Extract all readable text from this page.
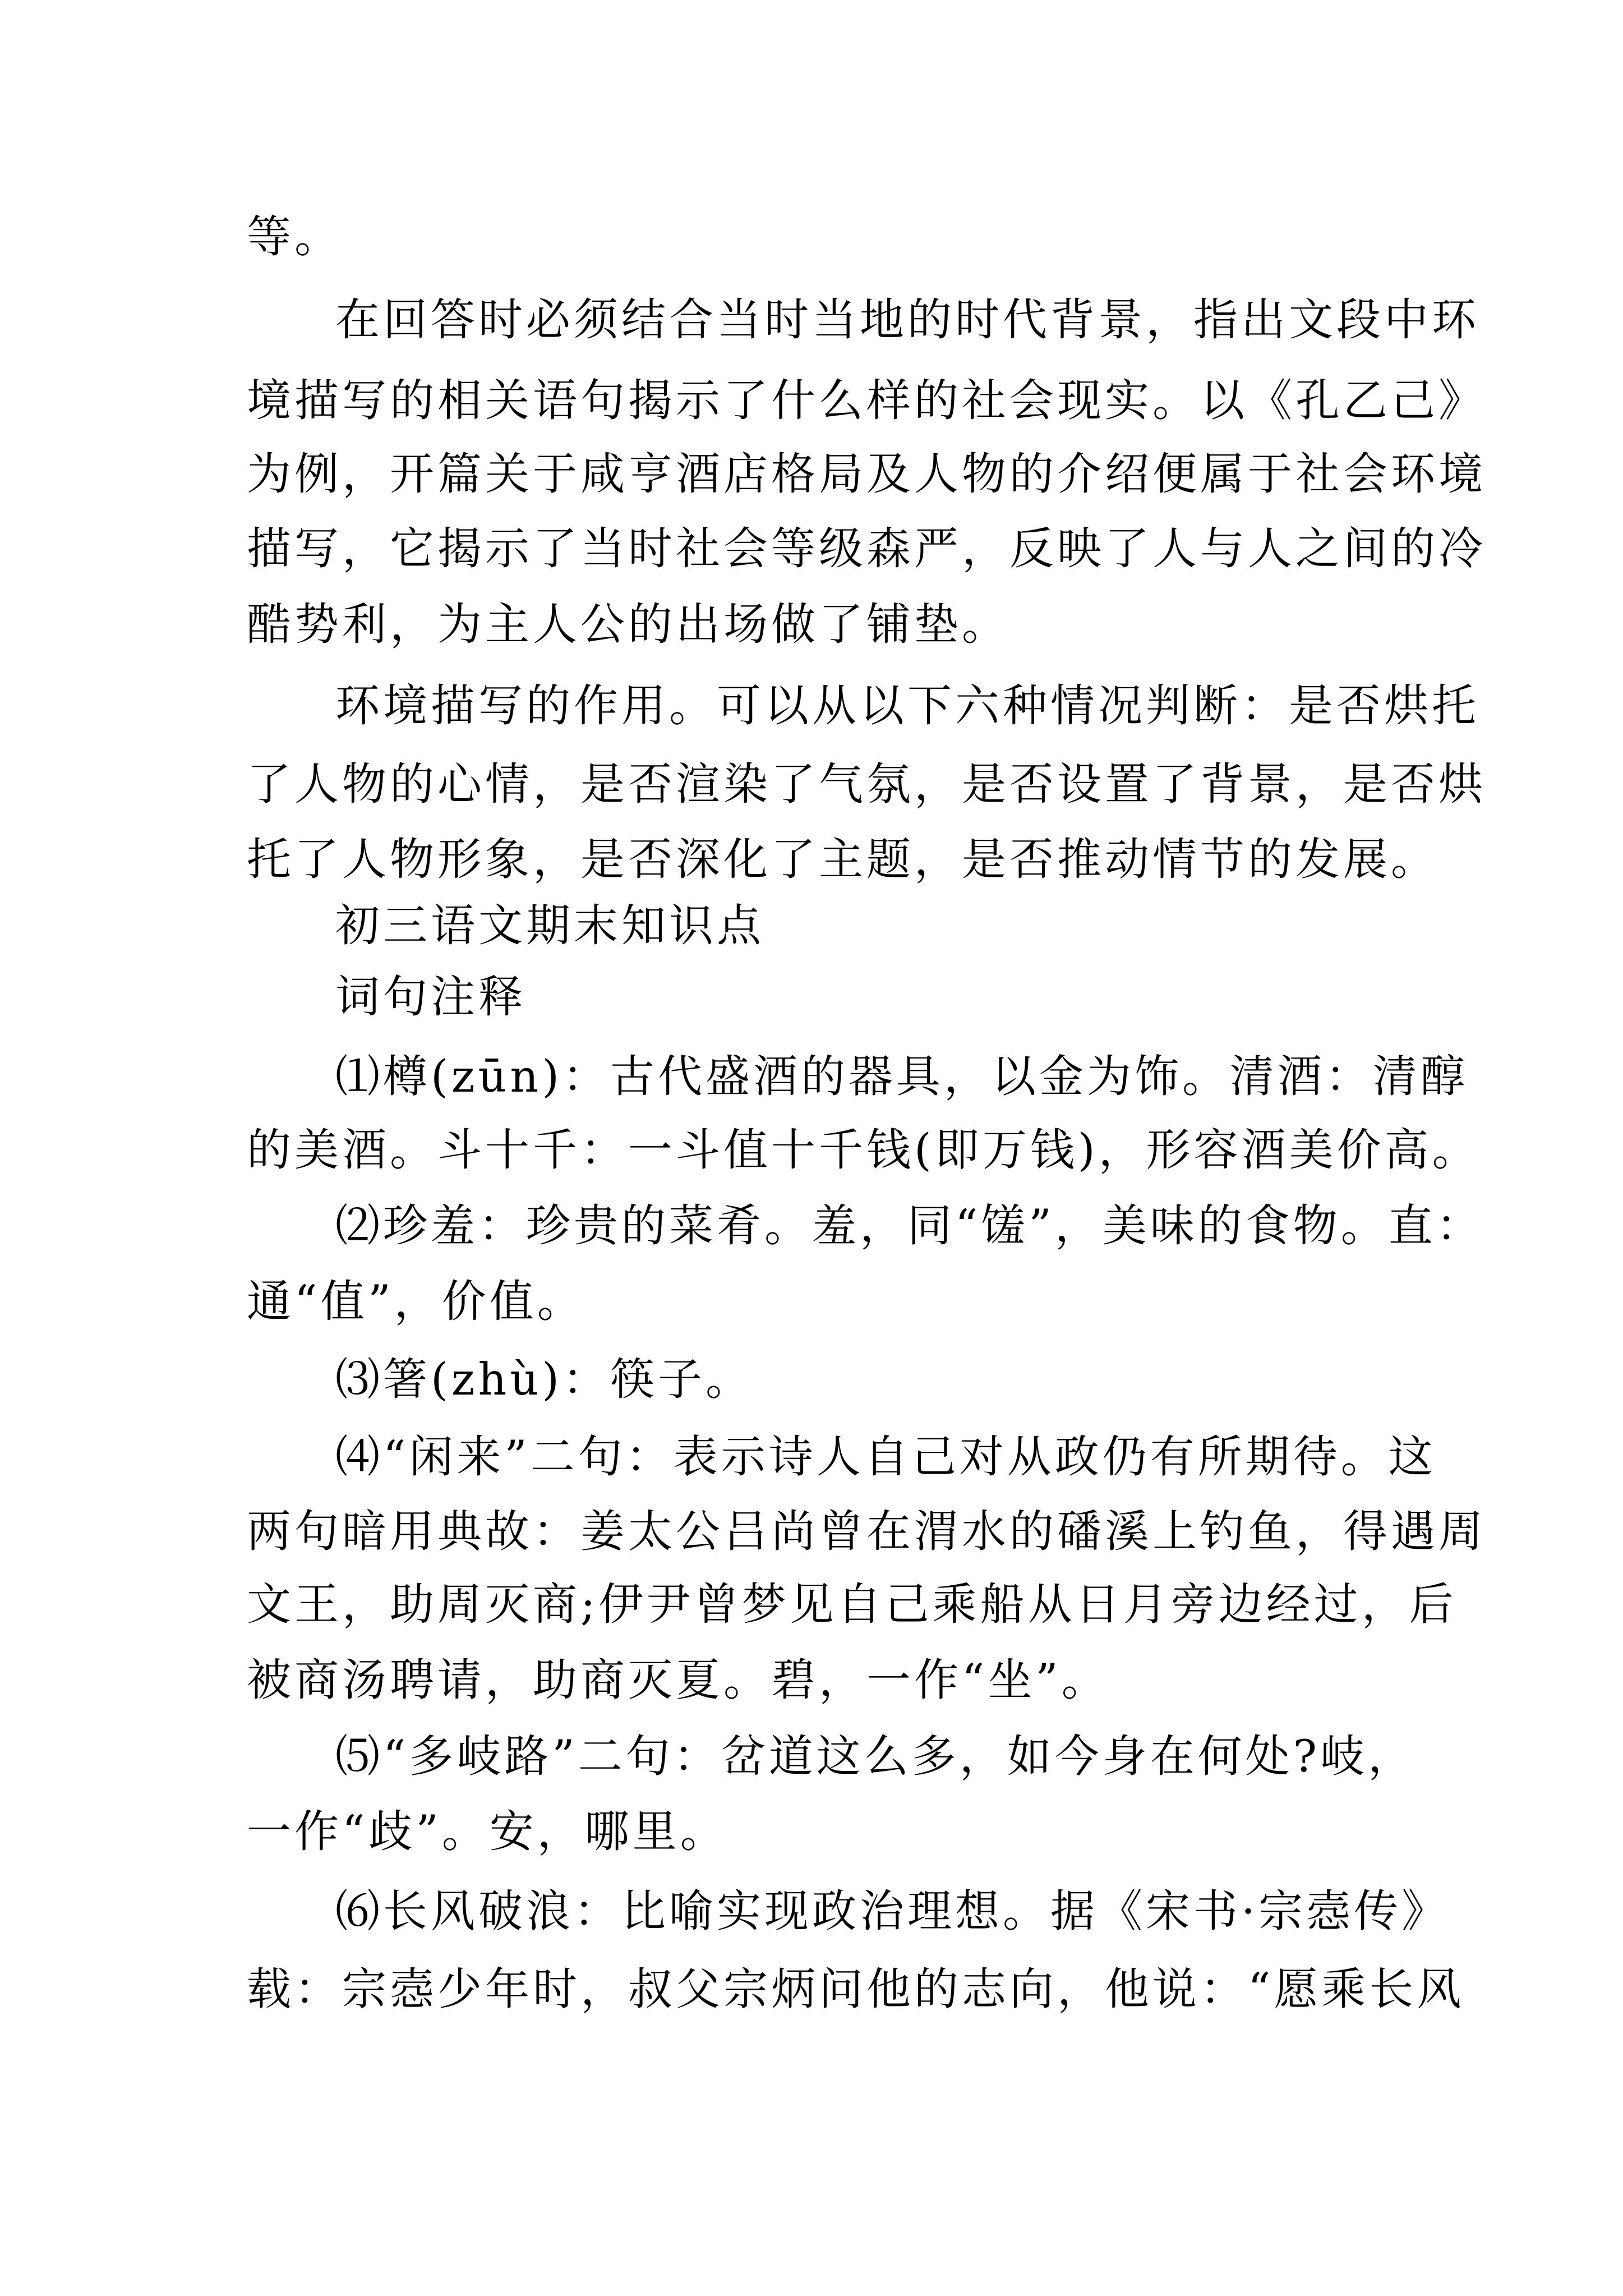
等。
在回答时必须结合当时当地的时代背景，指出文段中环
境描写的相关语句揭示了什么样的社会现实。以《孔乙己》
为例，开篇关于咸亨酒店格局及人物的介绍便属于社会环境
描写，它揭示了当时社会等级森严，反映了人与人之间的冷
酷势利，为主人公的出场做了铺垫。
环境描写的作用。可以从以下六种情况判断：是否烘托
了人物的心情，是否渲染了气氛，是否设置了背景，是否烘
托了人物形象，是否深化了主题，是否推动情节的发展。
初三语文期末知识点
词句注释
⑴樽(zūn)：古代盛酒的器具，以金为饰。清酒：清醇
的美酒。斗十千：一斗值十千钱(即万钱)，形容酒美价高。
⑵珍羞：珍贵的菜肴。羞，同“馐”，美味的食物。直：
通“值”，价值。
⑶箸(zhù)：筷子。
⑷“闲来”二句：表示诗人自己对从政仍有所期待。这
两句暗用典故：姜太公吕尚曾在渭水的磻溪上钓鱼，得遇周
文王，助周灭商;伊尹曾梦见自己乘船从日月旁边经过，后
被商汤聘请，助商灭夏。碧，一作“坐”。
⑸“多岐路”二句：岔道这么多，如今身在何处?岐，
一作“歧”。安，哪里。
⑹长风破浪：比喻实现政治理想。据《宋书·宗悫传》
载：宗悫少年时，叔父宗炳问他的志向，他说：“愿乘长风
